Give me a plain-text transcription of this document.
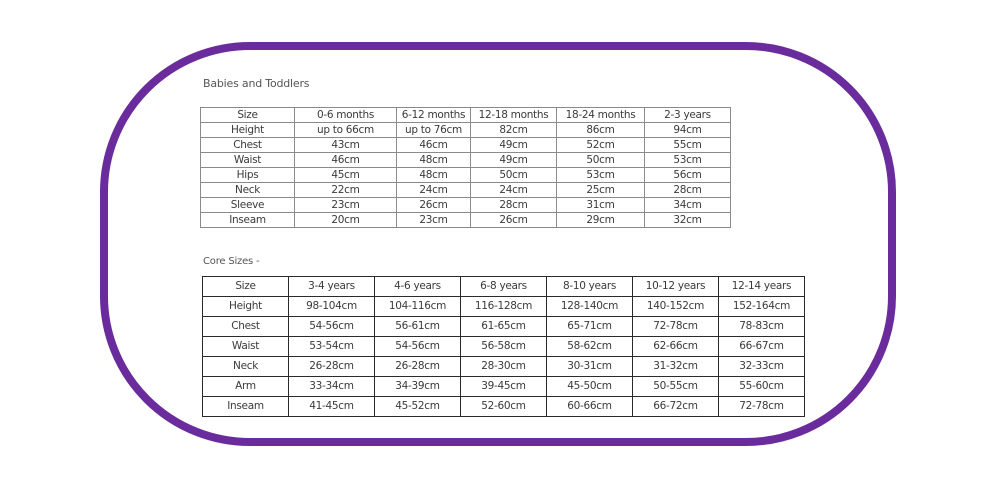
Babies and Toddlers
Size	0-6 months	6-12 months	12-18 months	18-24 months	2-3 years
Height	up to 66cm	up to 76cm	82cm	86cm	94cm
Chest	43cm	46cm	49cm	52cm	55cm
Waist	46cm	48cm	49cm	50cm	53cm
Hips	45cm	48cm	50cm	53cm	56cm
Neck	22cm	24cm	24cm	25cm	28cm
Sleeve	23cm	26cm	28cm	31cm	34cm
Inseam	20cm	23cm	26cm	29cm	32cm
Core Sizes -
Size	3-4 years	4-6 years	6-8 years	8-10 years	10-12 years	12-14 years
Height	98-104cm	104-116cm	116-128cm	128-140cm	140-152cm	152-164cm
Chest	54-56cm	56-61cm	61-65cm	65-71cm	72-78cm	78-83cm
Waist	53-54cm	54-56cm	56-58cm	58-62cm	62-66cm	66-67cm
Neck	26-28cm	26-28cm	28-30cm	30-31cm	31-32cm	32-33cm
Arm	33-34cm	34-39cm	39-45cm	45-50cm	50-55cm	55-60cm
Inseam	41-45cm	45-52cm	52-60cm	60-66cm	66-72cm	72-78cm
